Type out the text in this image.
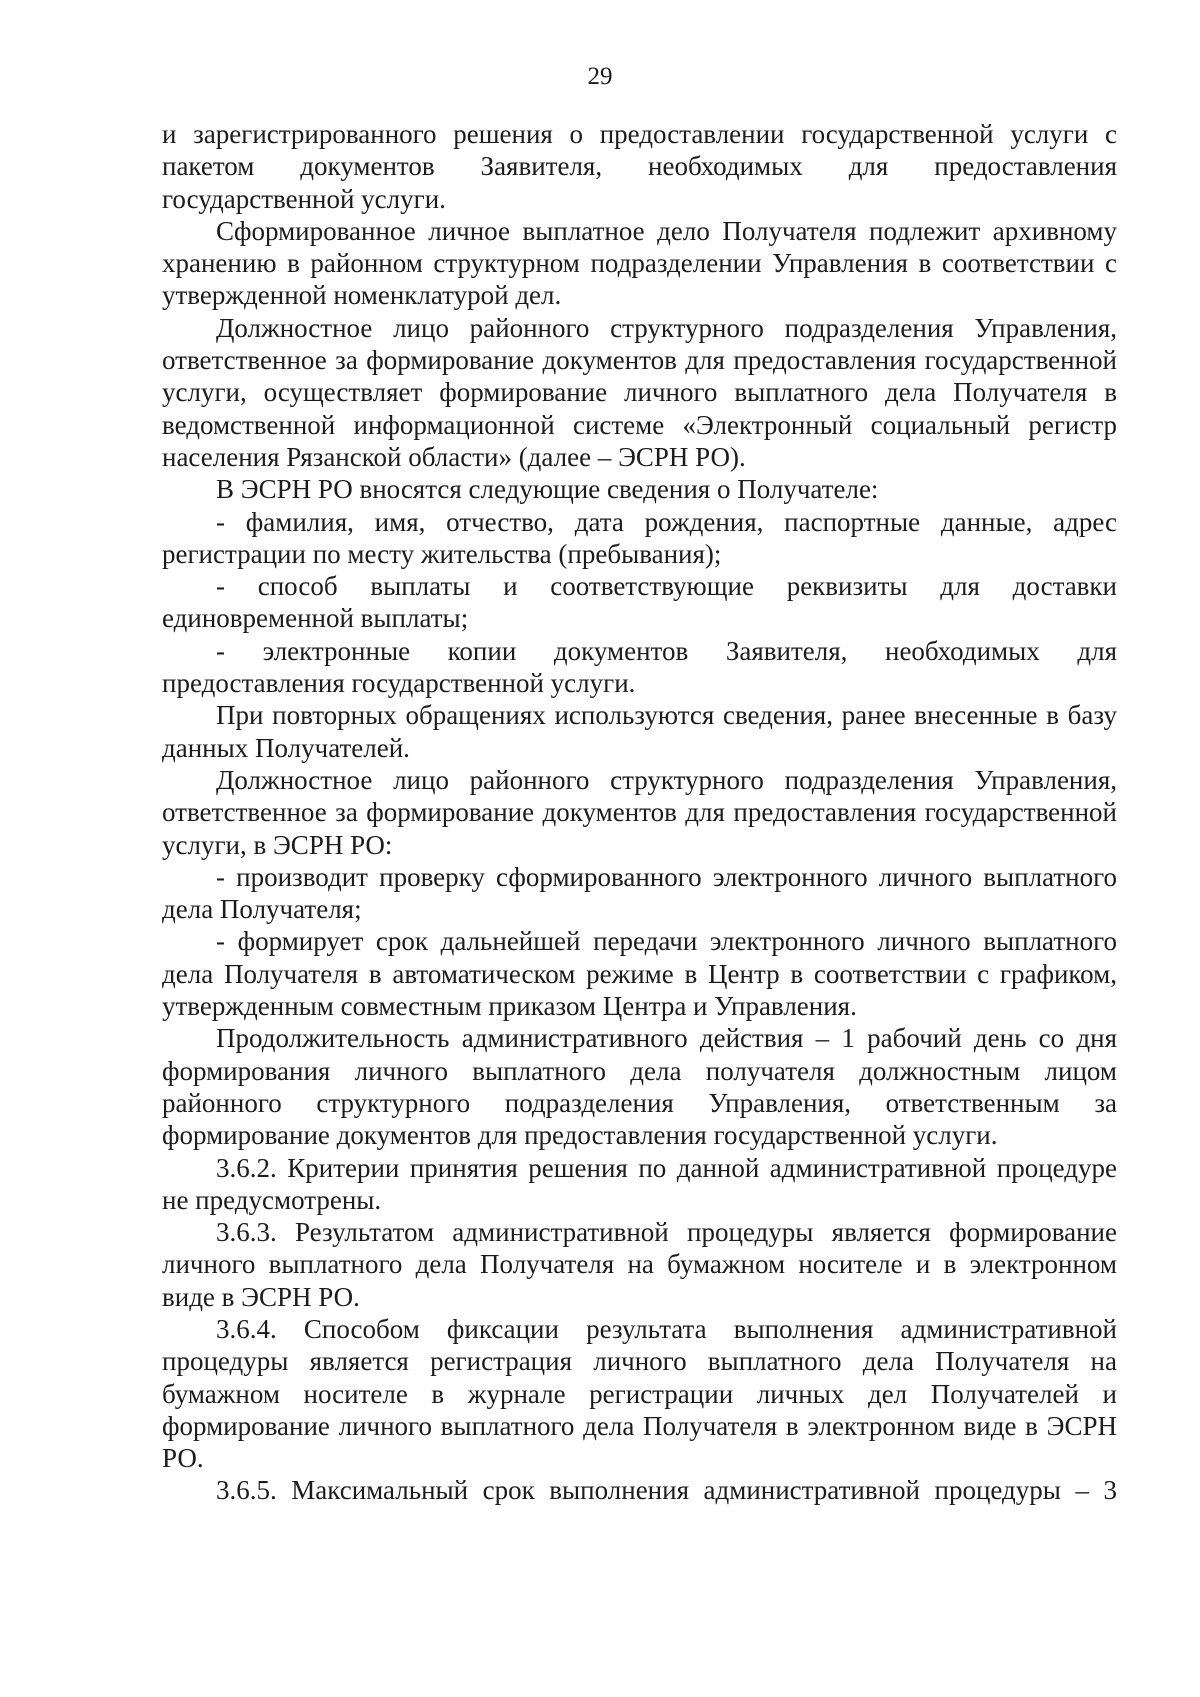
29

и зарегистрированного решения о предоставлении государственной услуги с пакетом документов Заявителя, необходимых для предоставления государственной услуги.

Сформированное личное выплатное дело Получателя подлежит архивному хранению в районном структурном подразделении Управления в соответствии с утвержденной номенклатурой дел.

Должностное лицо районного структурного подразделения Управления, ответственное за формирование документов для предоставления государственной услуги, осуществляет формирование личного выплатного дела Получателя в ведомственной информационной системе «Электронный социальный регистр населения Рязанской области» (далее – ЭСРН РО).

В ЭСРН РО вносятся следующие сведения о Получателе:

- фамилия, имя, отчество, дата рождения, паспортные данные, адрес регистрации по месту жительства (пребывания);

- способ выплаты и соответствующие реквизиты для доставки единовременной выплаты;

- электронные копии документов Заявителя, необходимых для предоставления государственной услуги.

При повторных обращениях используются сведения, ранее внесенные в базу данных Получателей.

Должностное лицо районного структурного подразделения Управления, ответственное за формирование документов для предоставления государственной услуги, в ЭСРН РО:

- производит проверку сформированного электронного личного выплатного дела Получателя;

- формирует срок дальнейшей передачи электронного личного выплатного дела Получателя в автоматическом режиме в Центр в соответствии с графиком, утвержденным совместным приказом Центра и Управления.

Продолжительность административного действия – 1 рабочий день со дня формирования личного выплатного дела получателя должностным лицом районного структурного подразделения Управления, ответственным за формирование документов для предоставления государственной услуги.

3.6.2. Критерии принятия решения по данной административной процедуре не предусмотрены.

3.6.3. Результатом административной процедуры является формирование личного выплатного дела Получателя на бумажном носителе и в электронном виде в ЭСРН РО.

3.6.4. Способом фиксации результата выполнения административной процедуры является регистрация личного выплатного дела Получателя на бумажном носителе в журнале регистрации личных дел Получателей и формирование личного выплатного дела Получателя в электронном виде в ЭСРН РО.

3.6.5. Максимальный срок выполнения административной процедуры – 3
